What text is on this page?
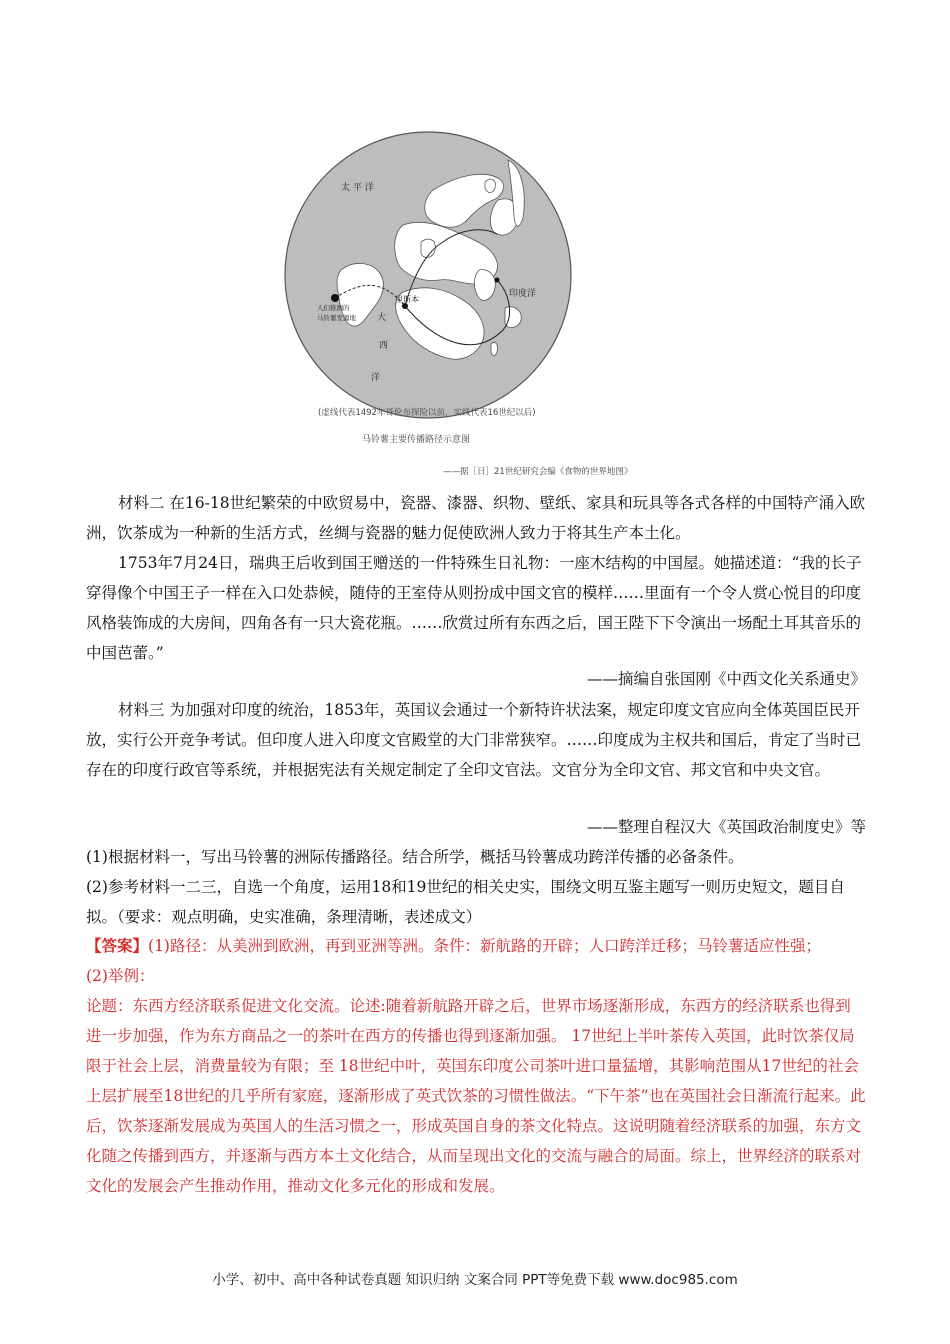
太 平 洋
印度洋
大
西
洋
里斯本
人们推测的
马铃薯发源地
(虚线代表1492年哥伦布探险以前，实线代表16世纪以后)
马铃薯主要传播路径示意图
——据［日］21世纪研究会编《食物的世界地图》
材料二 在16-18世纪繁荣的中欧贸易中，瓷器、漆器、织物、壁纸、家具和玩具等各式各样的中国特产涌入欧洲，饮茶成为一种新的生活方式，丝绸与瓷器的魅力促使欧洲人致力于将其生产本土化。
1753年7月24日，瑞典王后收到国王赠送的一件特殊生日礼物：一座木结构的中国屋。她描述道：“我的长子穿得像个中国王子一样在入口处恭候，随侍的王室侍从则扮成中国文官的模样……里面有一个令人赏心悦目的印度风格装饰成的大房间，四角各有一只大瓷花瓶。……欣赏过所有东西之后，国王陛下下令演出一场配土耳其音乐的中国芭蕾。”
——摘编自张国刚《中西文化关系通史》
材料三 为加强对印度的统治，1853年，英国议会通过一个新特许状法案，规定印度文官应向全体英国臣民开放，实行公开竞争考试。但印度人进入印度文官殿堂的大门非常狭窄。……印度成为主权共和国后，肯定了当时已存在的印度行政官等系统，并根据宪法有关规定制定了全印文官法。文官分为全印文官、邦文官和中央文官。
——整理自程汉大《英国政治制度史》等
(1)根据材料一，写出马铃薯的洲际传播路径。结合所学，概括马铃薯成功跨洋传播的必备条件。
(2)参考材料一二三，自选一个角度，运用18和19世纪的相关史实，围绕文明互鉴主题写一则历史短文，题目自拟。（要求：观点明确，史实准确，条理清晰，表述成文）
【答案】(1)路径：从美洲到欧洲，再到亚洲等洲。条件：新航路的开辟；人口跨洋迁移；马铃薯适应性强；
(2)举例：
论题：东西方经济联系促进文化交流。论述:随着新航路开辟之后，世界市场逐渐形成，东西方的经济联系也得到进一步加强，作为东方商品之一的茶叶在西方的传播也得到逐渐加强。 17世纪上半叶茶传入英国，此时饮茶仅局限于社会上层，消费量较为有限；至 18世纪中叶，英国东印度公司茶叶进口量猛增，其影响范围从17世纪的社会上层扩展至18世纪的几乎所有家庭，逐渐形成了英式饮茶的习惯性做法。“下午茶”也在英国社会日渐流行起来。此后，饮茶逐渐发展成为英国人的生活习惯之一，形成英国自身的茶文化特点。这说明随着经济联系的加强，东方文化随之传播到西方，并逐渐与西方本土文化结合，从而呈现出文化的交流与融合的局面。综上，世界经济的联系对文化的发展会产生推动作用，推动文化多元化的形成和发展。
小学、初中、高中各种试卷真题 知识归纳 文案合同 PPT等免费下载 www.doc985.com
